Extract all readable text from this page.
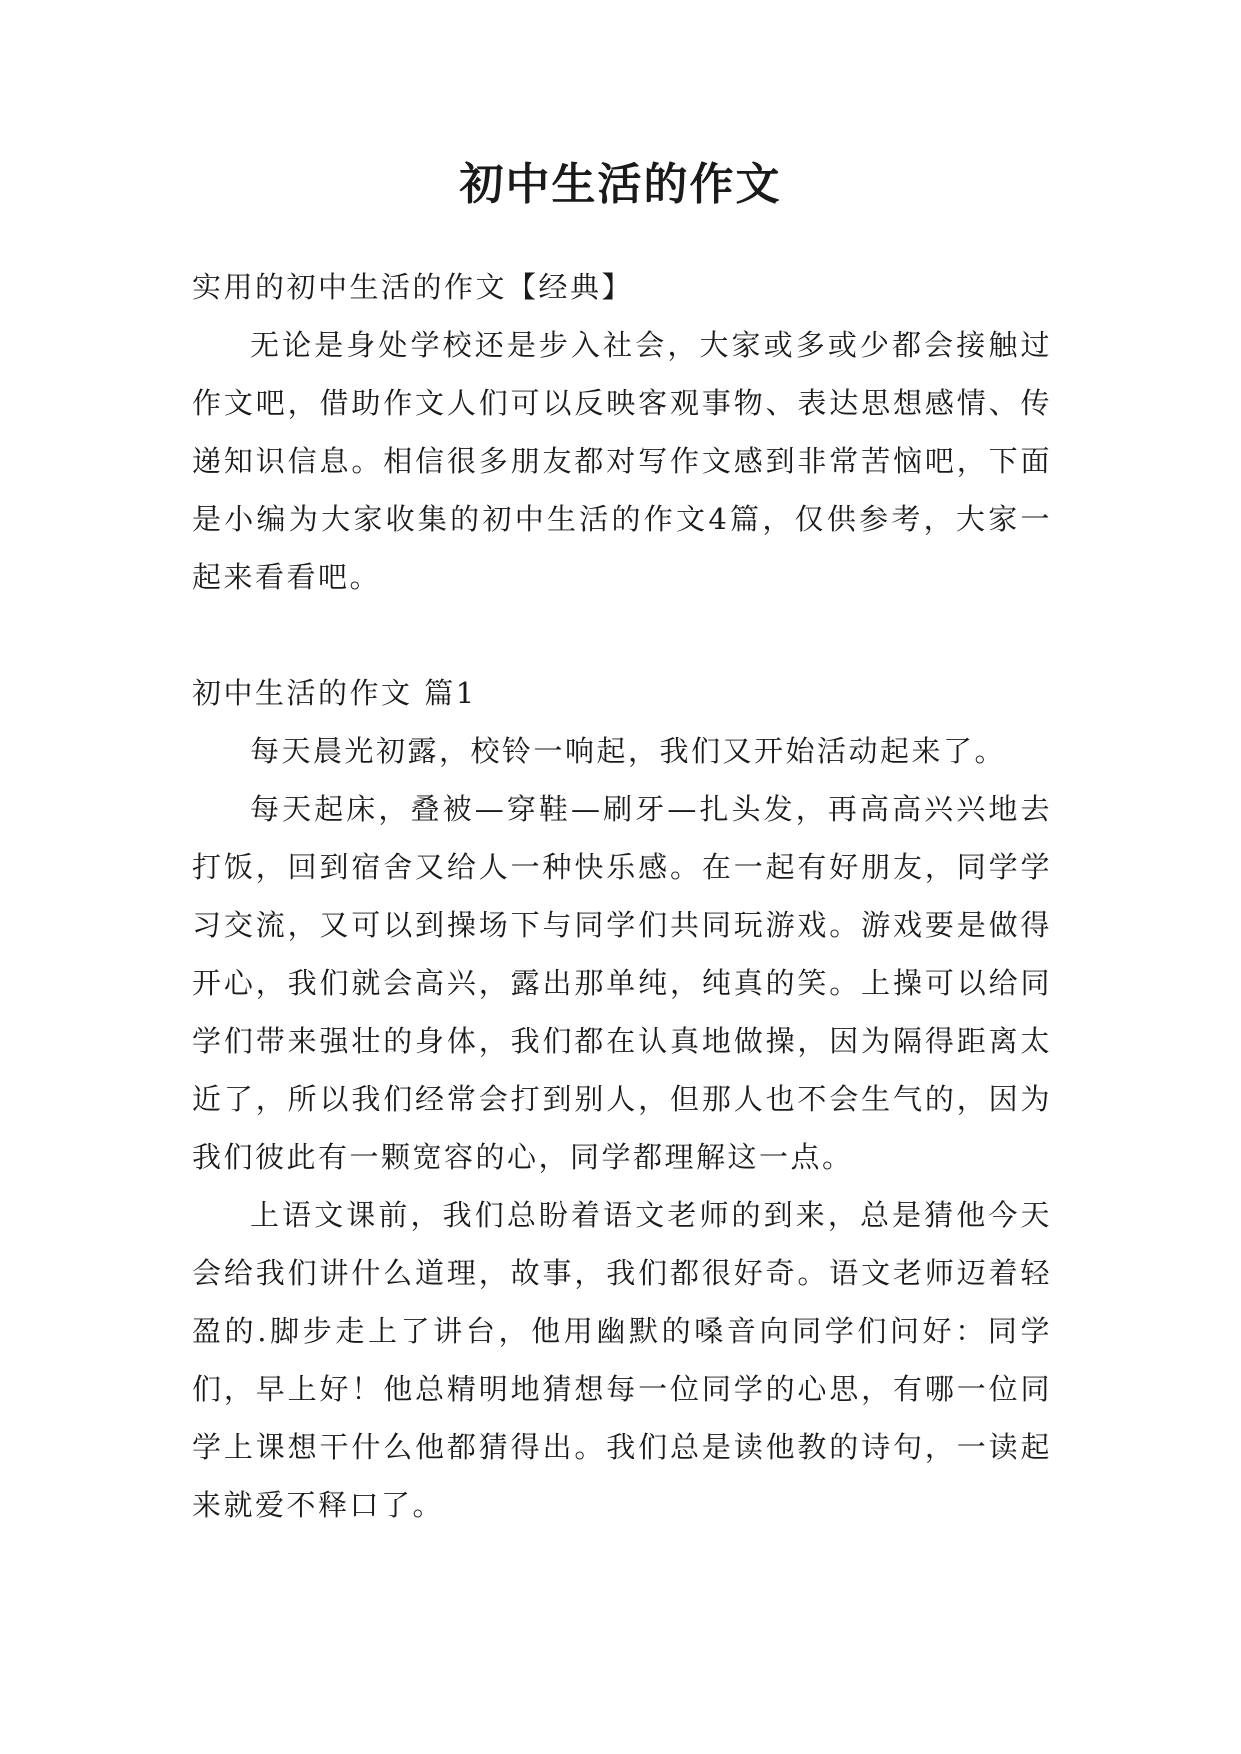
初中生活的作文
实用的初中生活的作文【经典】

无论是身处学校还是步入社会，大家或多或少都会接触过作文吧，借助作文人们可以反映客观事物、表达思想感情、传递知识信息。相信很多朋友都对写作文感到非常苦恼吧，下面是小编为大家收集的初中生活的作文4篇，仅供参考，大家一起来看看吧。

初中生活的作文 篇1

每天晨光初露，校铃一响起，我们又开始活动起来了。

每天起床，叠被—穿鞋—刷牙—扎头发，再高高兴兴地去打饭，回到宿舍又给人一种快乐感。在一起有好朋友，同学学习交流，又可以到操场下与同学们共同玩游戏。游戏要是做得开心，我们就会高兴，露出那单纯，纯真的笑。上操可以给同学们带来强壮的身体，我们都在认真地做操，因为隔得距离太近了，所以我们经常会打到别人，但那人也不会生气的，因为我们彼此有一颗宽容的心，同学都理解这一点。

上语文课前，我们总盼着语文老师的到来，总是猜他今天会给我们讲什么道理，故事，我们都很好奇。语文老师迈着轻盈的.脚步走上了讲台，他用幽默的嗓音向同学们问好：同学们，早上好！他总精明地猜想每一位同学的心思，有哪一位同学上课想干什么他都猜得出。我们总是读他教的诗句，一读起来就爱不释口了。
